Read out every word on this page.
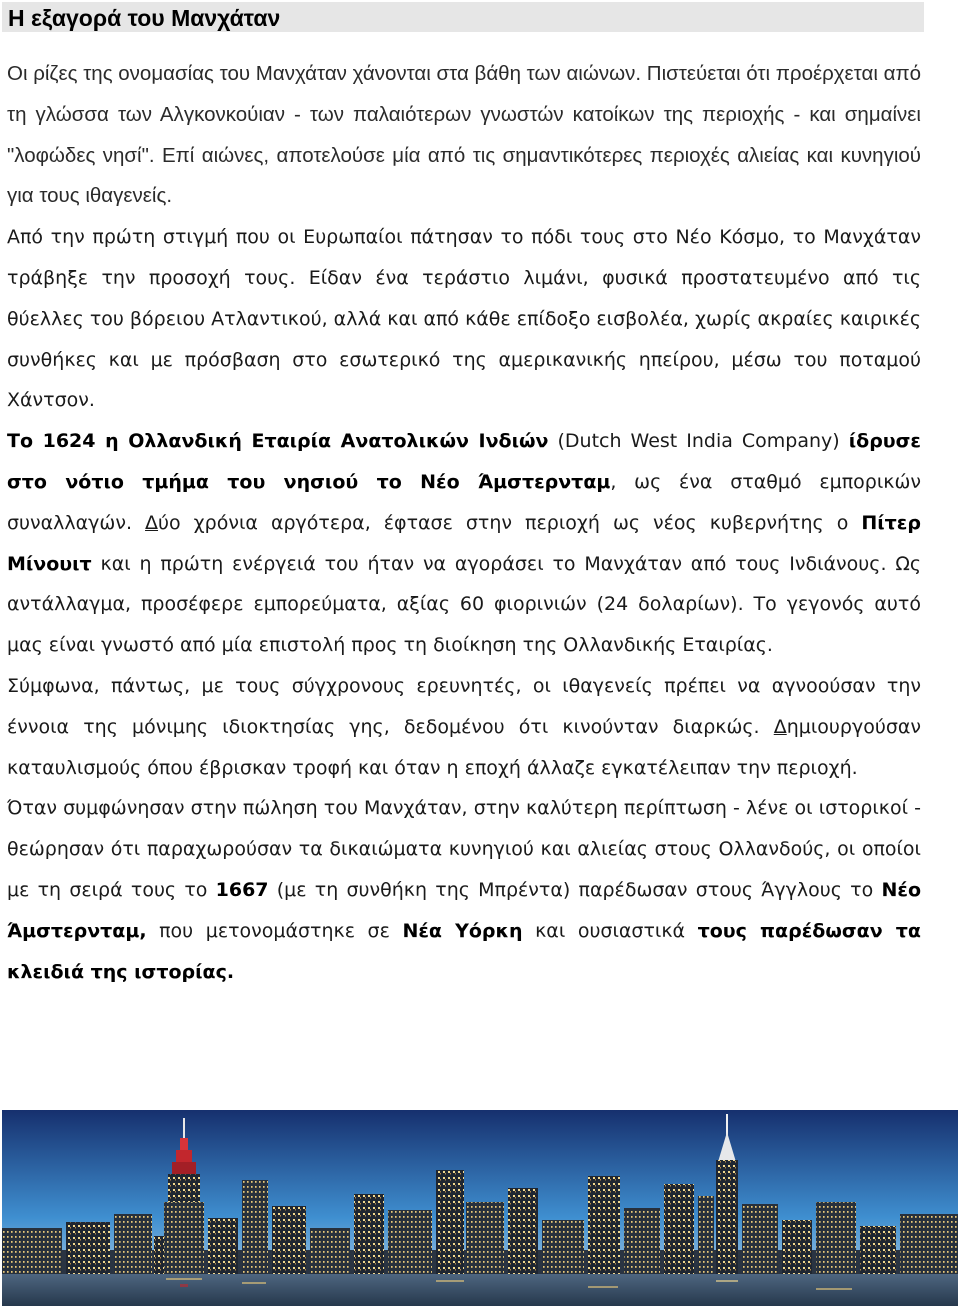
Η εξαγορά του Μανχάταν

Οι ρίζες της ονομασίας του Μανχάταν χάνονται στα βάθη των αιώνων. Πιστεύεται ότι προέρχεται από τη γλώσσα των Αλγκονκούιαν - των παλαιότερων γνωστών κατοίκων της περιοχής - και σημαίνει "λοφώδες νησί". Επί αιώνες, αποτελούσε μία από τις σημαντικότερες περιοχές αλιείας και κυνηγιού για τους ιθαγενείς.

Από την πρώτη στιγμή που οι Ευρωπαίοι πάτησαν το πόδι τους στο Νέο Κόσμο, το Μανχάταν τράβηξε την προσοχή τους. Είδαν ένα τεράστιο λιμάνι, φυσικά προστατευμένο από τις θύελλες του βόρειου Ατλαντικού, αλλά και από κάθε επίδοξο εισβολέα, χωρίς ακραίες καιρικές συνθήκες και με πρόσβαση στο εσωτερικό της αμερικανικής ηπείρου, μέσω του ποταμού Χάντσον.

Το 1624 η Ολλανδική Εταιρία Ανατολικών Ινδιών (Dutch West India Company) ίδρυσε στο νότιο τμήμα του νησιού το Νέο Άμστερνταμ, ως ένα σταθμό εμπορικών συναλλαγών. Δύο χρόνια αργότερα, έφτασε στην περιοχή ως νέος κυβερνήτης ο Πίτερ Μίνουιτ και η πρώτη ενέργειά του ήταν να αγοράσει το Μανχάταν από τους Ινδιάνους. Ως αντάλλαγμα, προσέφερε εμπορεύματα, αξίας 60 φιορινιών (24 δολαρίων). Το γεγονός αυτό μας είναι γνωστό από μία επιστολή προς τη διοίκηση της Ολλανδικής Εταιρίας.

Σύμφωνα, πάντως, με τους σύγχρονους ερευνητές, οι ιθαγενείς πρέπει να αγνοούσαν την έννοια της μόνιμης ιδιοκτησίας γης, δεδομένου ότι κινούνταν διαρκώς. Δημιουργούσαν καταυλισμούς όπου έβρισκαν τροφή και όταν η εποχή άλλαζε εγκατέλειπαν την περιοχή.

Όταν συμφώνησαν στην πώληση του Μανχάταν, στην καλύτερη περίπτωση - λένε οι ιστορικοί - θεώρησαν ότι παραχωρούσαν τα δικαιώματα κυνηγιού και αλιείας στους Ολλανδούς, οι οποίοι με τη σειρά τους το 1667 (με τη συνθήκη της Μπρέντα) παρέδωσαν στους Άγγλους το Νέο Άμστερνταμ, που μετονομάστηκε σε Νέα Υόρκη και ουσιαστικά τους παρέδωσαν τα κλειδιά της ιστορίας.
